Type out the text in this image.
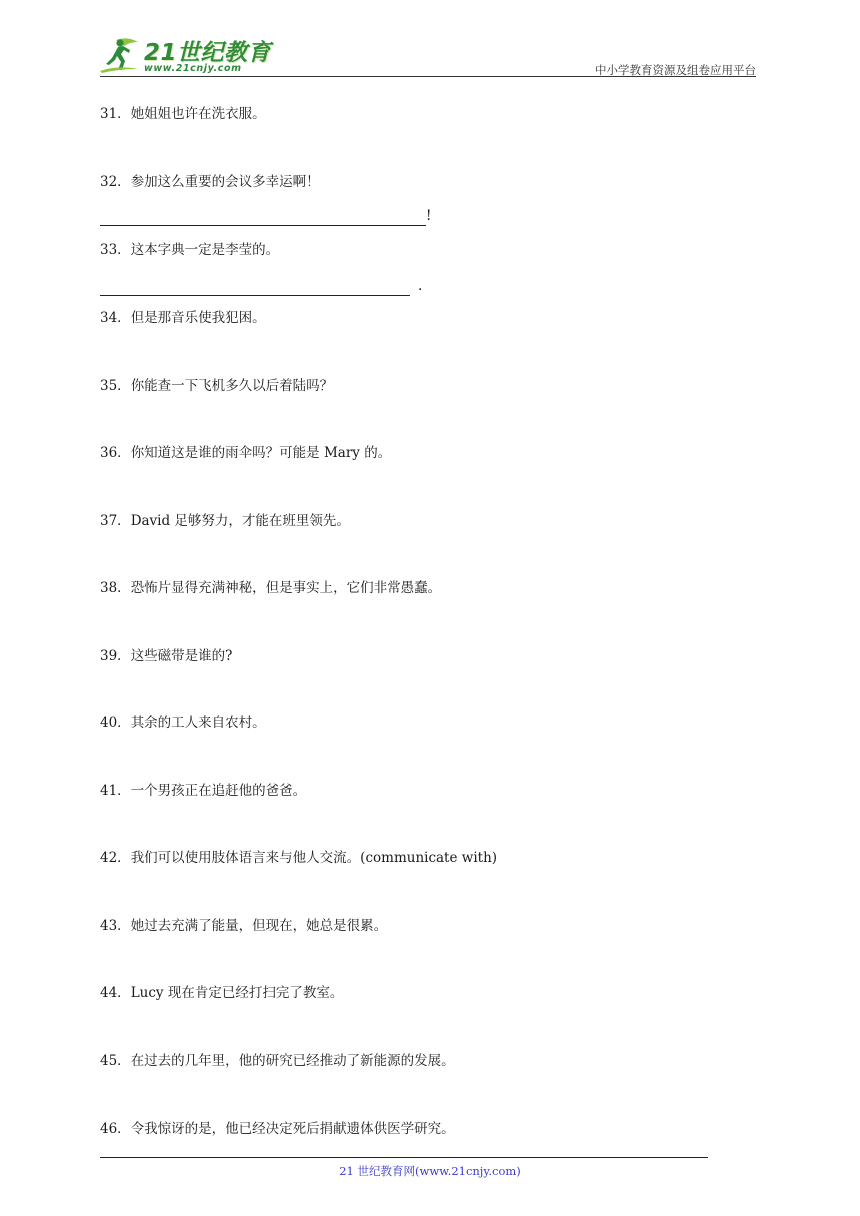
21世纪教育
www.21cnjy.com	中小学教育资源及组卷应用平台
31．她姐姐也许在洗衣服。
32．参加这么重要的会议多幸运啊！
!
33．这本字典一定是李莹的。
.
34．但是那音乐使我犯困。
35．你能查一下飞机多久以后着陆吗？
36．你知道这是谁的雨伞吗？可能是 Mary 的。
37．David 足够努力，才能在班里领先。
38．恐怖片显得充满神秘，但是事实上，它们非常愚蠢。
39．这些磁带是谁的?
40．其余的工人来自农村。
41．一个男孩正在追赶他的爸爸。
42．我们可以使用肢体语言来与他人交流。(communicate with)
43．她过去充满了能量，但现在，她总是很累。
44．Lucy 现在肯定已经打扫完了教室。
45．在过去的几年里，他的研究已经推动了新能源的发展。
46．令我惊讶的是，他已经决定死后捐献遗体供医学研究。
21 世纪教育网(www.21cnjy.com)
